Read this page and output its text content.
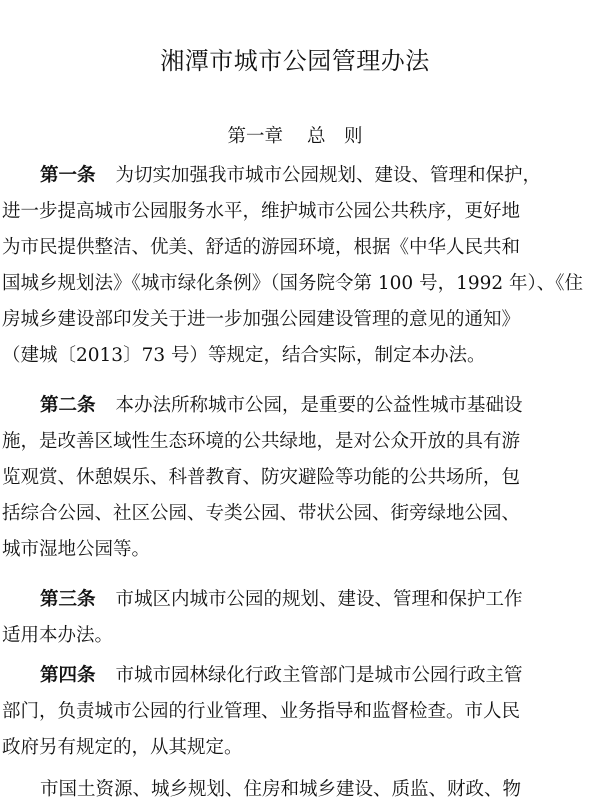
湘潭市城市公园管理办法
第一章 总　则
第一条 为切实加强我市城市公园规划、建设、管理和保护，
进一步提高城市公园服务水平，维护城市公园公共秩序，更好地
为市民提供整洁、优美、舒适的游园环境，根据《中华人民共和
国城乡规划法》《城市绿化条例》（国务院令第 100 号，1992 年）、《住
房城乡建设部印发关于进一步加强公园建设管理的意见的通知》
（建城〔2013〕73 号）等规定，结合实际，制定本办法。
第二条 本办法所称城市公园，是重要的公益性城市基础设
施，是改善区域性生态环境的公共绿地，是对公众开放的具有游
览观赏、休憩娱乐、科普教育、防灾避险等功能的公共场所，包
括综合公园、社区公园、专类公园、带状公园、街旁绿地公园、
城市湿地公园等。
第三条 市城区内城市公园的规划、建设、管理和保护工作
适用本办法。
第四条 市城市园林绿化行政主管部门是城市公园行政主管
部门，负责城市公园的行业管理、业务指导和监督检查。市人民
政府另有规定的，从其规定。
市国土资源、城乡规划、住房和城乡建设、质监、财政、物
